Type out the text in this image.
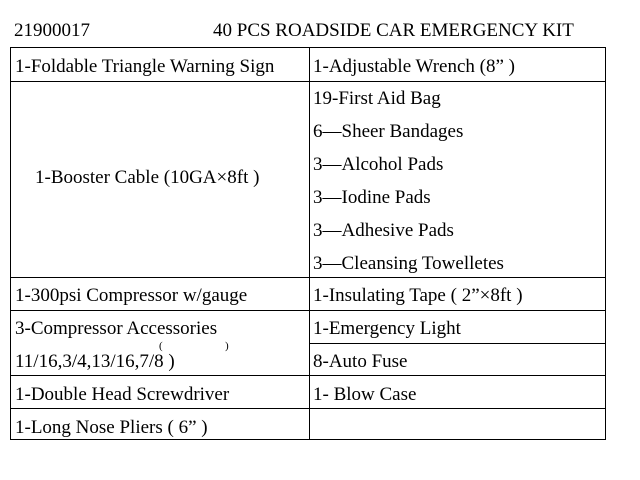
21900017	40 PCS ROADSIDE CAR EMERGENCY KIT
1-Foldable Triangle Warning Sign
1-Booster Cable (10GA×8ft )
1-300psi Compressor w/gauge
3-Compressor Accessories
(	)
11/16,3/4,13/16,7/8 )
1-Double Head Screwdriver
1-Long Nose Pliers ( 6” )
1-Adjustable Wrench (8” )
19-First Aid Bag
6—Sheer Bandages
3—Alcohol Pads
3—Iodine Pads
3—Adhesive Pads
3—Cleansing Towelletes
1-Insulating Tape ( 2”×8ft )
1-Emergency Light
8-Auto Fuse
1- Blow Case
